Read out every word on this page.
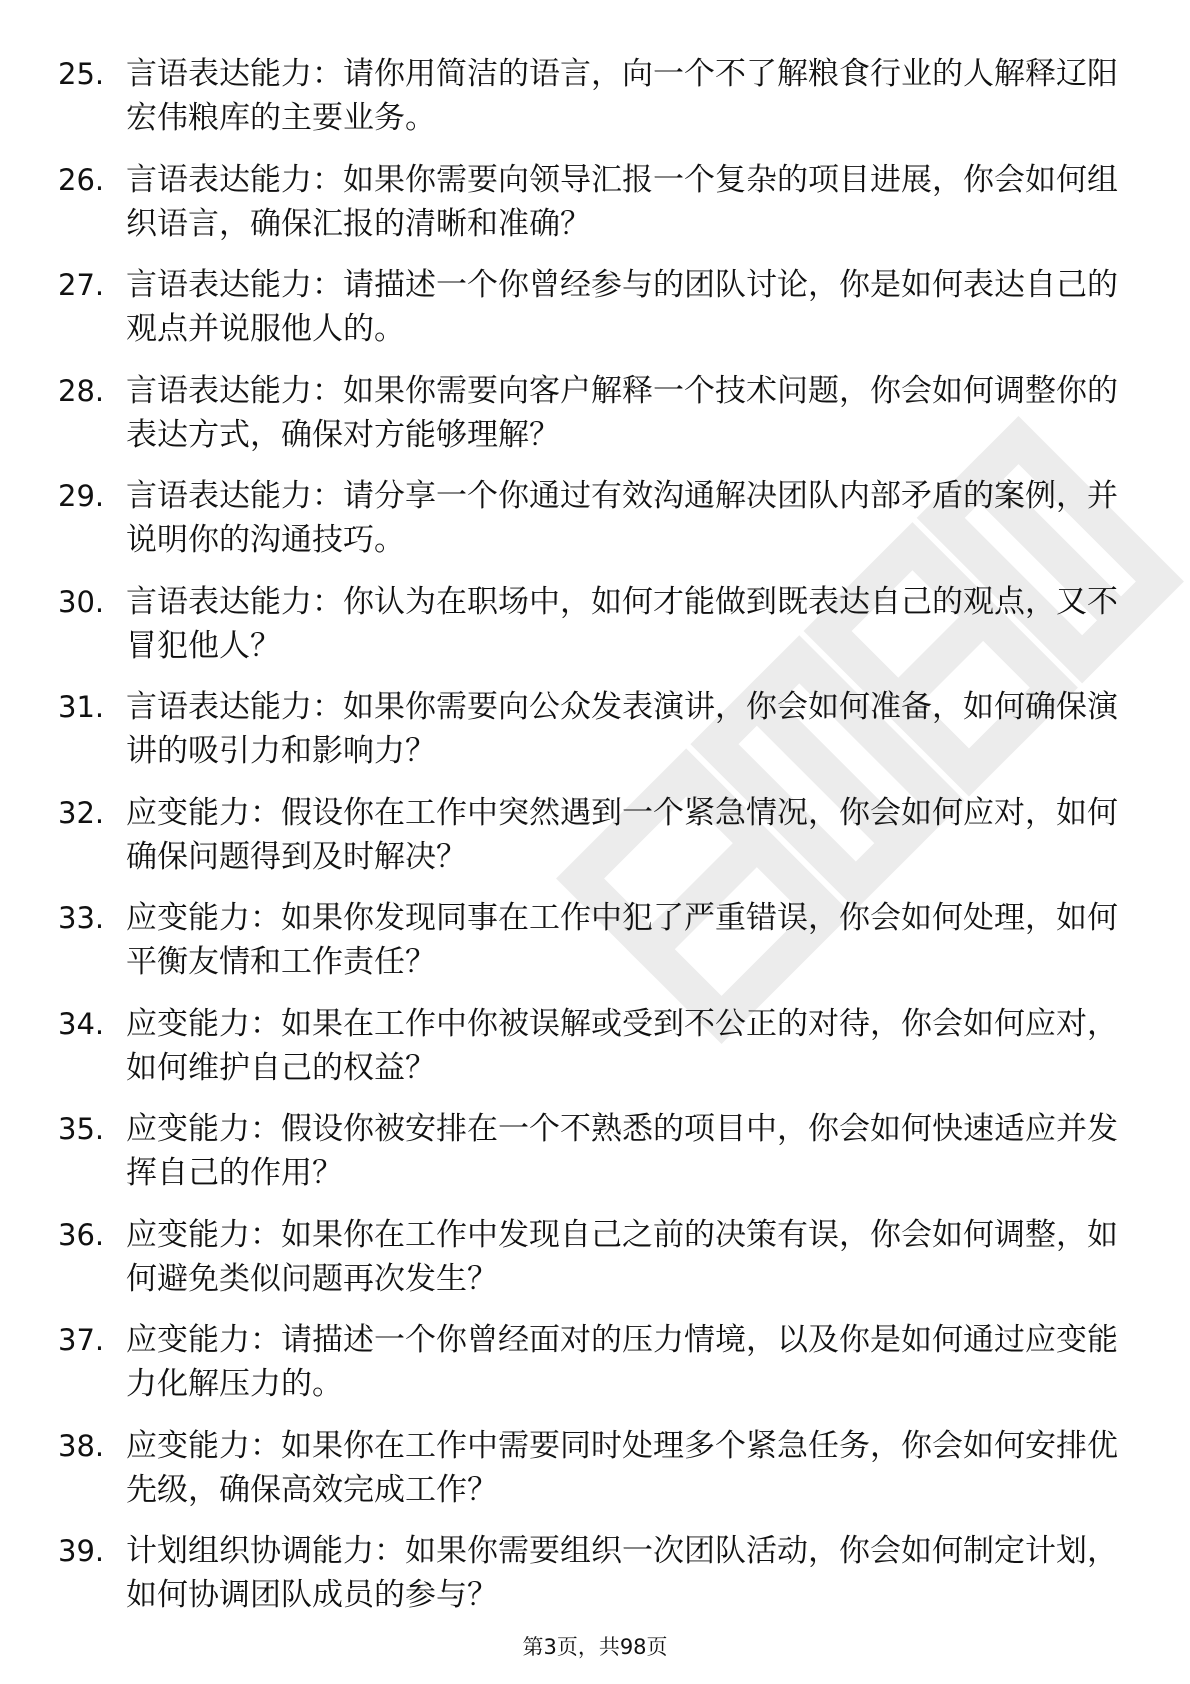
25. 言语表达能力：请你用简洁的语言，向一个不了解粮食行业的人解释辽阳宏伟粮库的主要业务。
26. 言语表达能力：如果你需要向领导汇报一个复杂的项目进展，你会如何组织语言，确保汇报的清晰和准确？
27. 言语表达能力：请描述一个你曾经参与的团队讨论，你是如何表达自己的观点并说服他人的。
28. 言语表达能力：如果你需要向客户解释一个技术问题，你会如何调整你的表达方式，确保对方能够理解？
29. 言语表达能力：请分享一个你通过有效沟通解决团队内部矛盾的案例，并说明你的沟通技巧。
30. 言语表达能力：你认为在职场中，如何才能做到既表达自己的观点，又不冒犯他人？
31. 言语表达能力：如果你需要向公众发表演讲，你会如何准备，如何确保演讲的吸引力和影响力？
32. 应变能力：假设你在工作中突然遇到一个紧急情况，你会如何应对，如何确保问题得到及时解决？
33. 应变能力：如果你发现同事在工作中犯了严重错误，你会如何处理，如何平衡友情和工作责任？
34. 应变能力：如果在工作中你被误解或受到不公正的对待，你会如何应对，如何维护自己的权益？
35. 应变能力：假设你被安排在一个不熟悉的项目中，你会如何快速适应并发挥自己的作用？
36. 应变能力：如果你在工作中发现自己之前的决策有误，你会如何调整，如何避免类似问题再次发生？
37. 应变能力：请描述一个你曾经面对的压力情境，以及你是如何通过应变能力化解压力的。
38. 应变能力：如果你在工作中需要同时处理多个紧急任务，你会如何安排优先级，确保高效完成工作？
39. 计划组织协调能力：如果你需要组织一次团队活动，你会如何制定计划，如何协调团队成员的参与？
第3页，共98页
